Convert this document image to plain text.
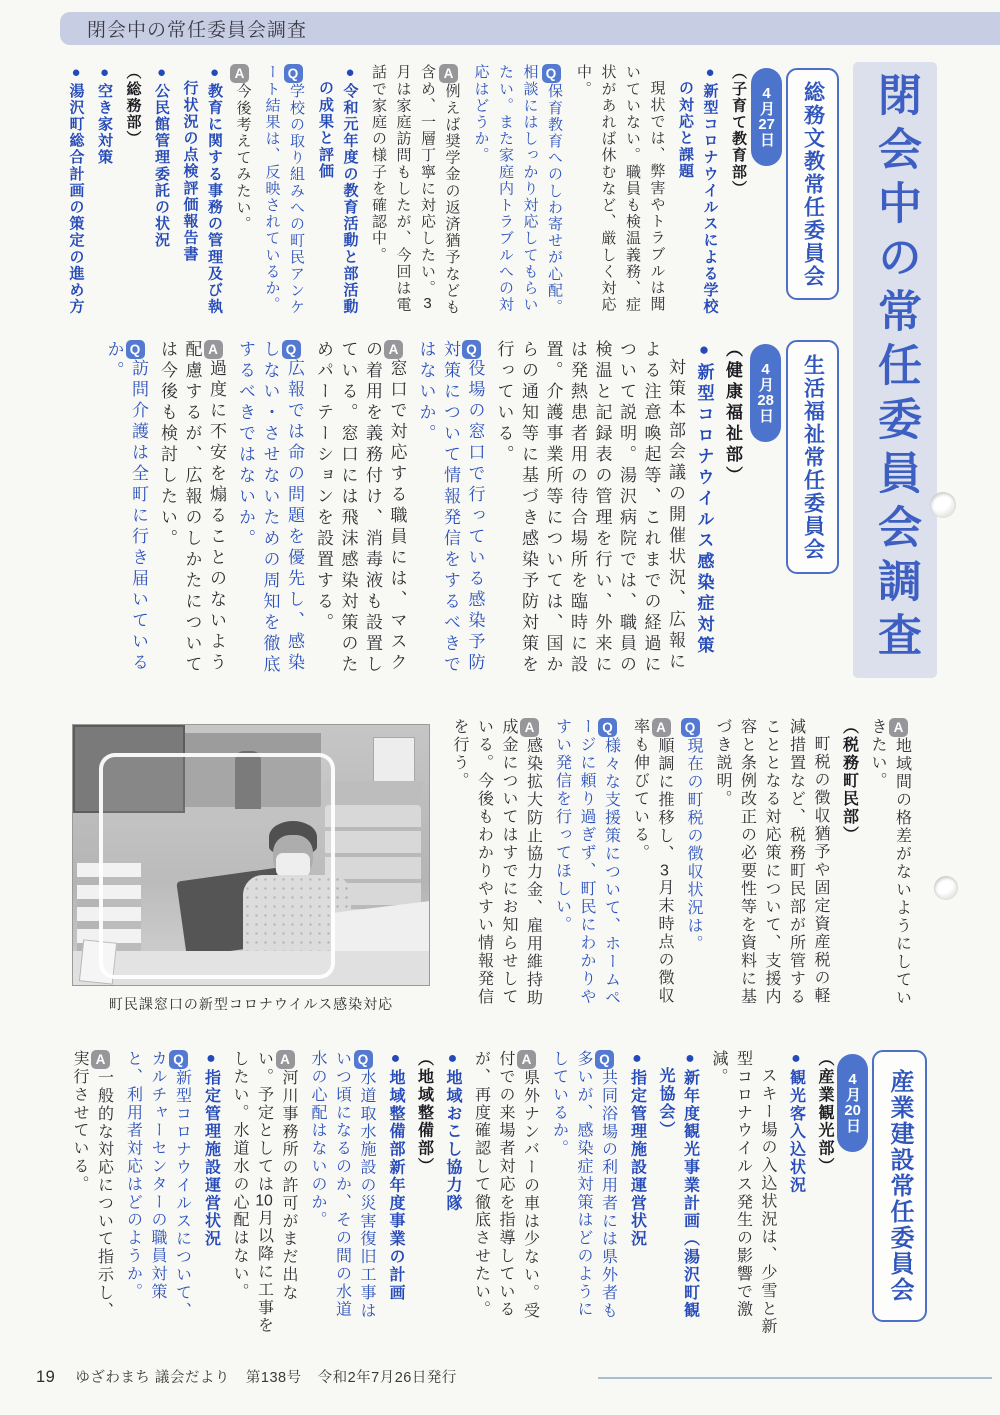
閉会中の常任委員会調査
閉会中の常任委員会調査
総務文教常任委員会
4月27日

（子育て教育部）

●新型コロナウイルスによる学校の対応と課題

現状では、弊害やトラブルは聞いていない。職員も検温義務、症状があれば休むなど、厳しく対応中。

Q保育教育へのしわ寄せが心配。相談にはしっかり対応してもらいたい。また家庭内トラブルへの対応はどうか。

A例えば奨学金の返済猶予なども含め、一層丁寧に対応したい。3月は家庭訪問もしたが、今回は電話で家庭の様子を確認中。

●令和元年度の教育活動と部活動の成果と評価

Q学校の取り組みへの町民アンケート結果は、反映されているか。

A今後考えてみたい。

●教育に関する事務の管理及び執行状況の点検評価報告書

●公民館管理委託の状況

（総務部）

●空き家対策

●湯沢町総合計画の策定の進め方

生活福祉常任委員会
4月28日

（健康福祉部）

●新型コロナウイルス感染症対策

対策本部会議の開催状況、広報による注意喚起等、これまでの経過について説明。湯沢病院では、職員の検温と記録表の管理を行い、外来には発熱患者用の待合場所を臨時に設置。介護事業所等については、国からの通知等に基づき感染予防対策を行っている。

Q役場の窓口で行っている感染予防対策について情報発信をするべきではないか。

A窓口で対応する職員には、マスクの着用を義務付け、消毒液も設置している。窓口には飛沫感染対策のためパーテーションを設置する。

Q広報では命の問題を優先し、感染しない・させないための周知を徹底するべきではないか。

A過度に不安を煽ることのないよう配慮するが、広報のしかたについては今後も検討したい。

Q訪問介護は全町に行き届いているか。

A地域間の格差がないようにしていきたい。

（税務町民部）

町税の徴収猶予や固定資産税の軽減措置など、税務町民部が所管することとなる対応策について、支援内容と条例改正の必要性等を資料に基づき説明。

Q現在の町税の徴収状況は。

A順調に推移し、3月末時点の徴収率も伸びている。

Q様々な支援策について、ホームページに頼り過ぎず、町民にわかりやすい発信を行ってほしい。

A感染拡大防止協力金、雇用維持助成金についてはすでにお知らせしている。今後もわかりやすい情報発信を行う。

町民課窓口の新型コロナウイルス感染対応
産業建設常任委員会
4月20日

（産業観光部）

●観光客入込状況

スキー場の入込状況は、少雪と新型コロナウイルス発生の影響で激減。

●新年度観光事業計画（湯沢町観光協会）

●指定管理施設運営状況

Q共同浴場の利用者には県外者も多いが、感染症対策はどのようにしているか。

A県外ナンバーの車は少ない。受付での来場者対応を指導しているが、再度確認して徹底させたい。

●地域おこし協力隊

（地域整備部）

●地域整備部新年度事業の計画

Q水道取水施設の災害復旧工事はいつ頃になるのか、その間の水道水の心配はないのか。

A河川事務所の許可がまだ出ない。予定としては10月以降に工事をしたい。水道水の心配はない。

●指定管理施設運営状況

Q新型コロナウイルスについて、カルチャーセンターの職員対策と、利用者対応はどのようか。

A一般的な対応について指示し、実行させている。

19 ゆざわまち 議会だより 第138号 令和2年7月26日発行
